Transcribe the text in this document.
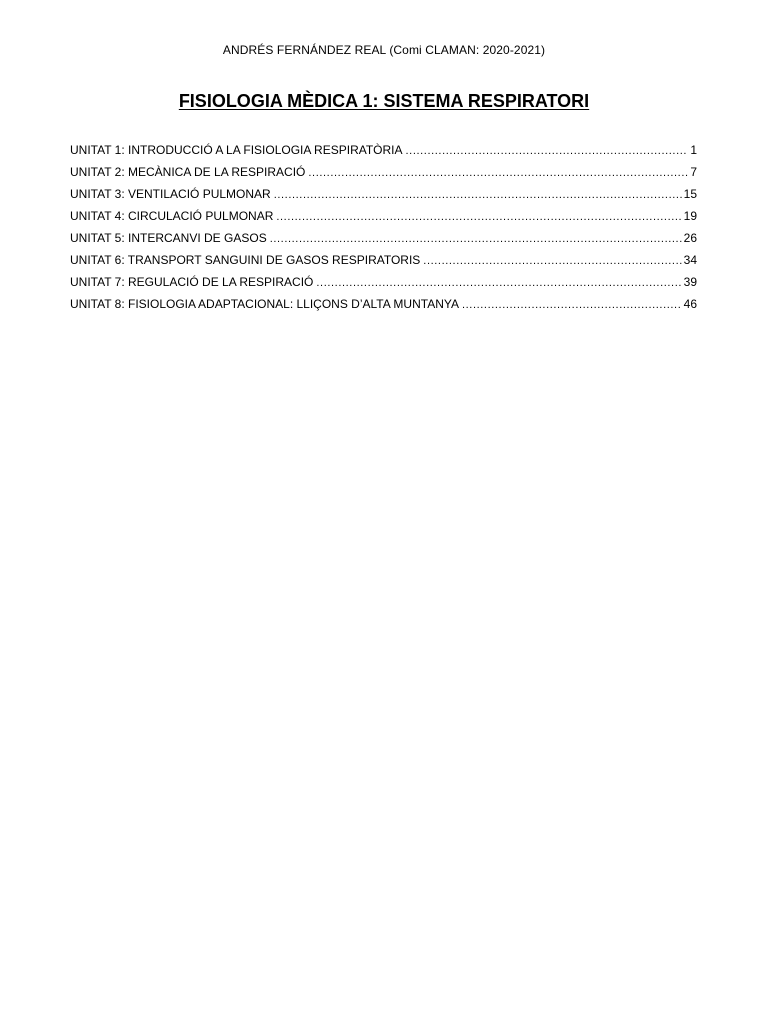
ANDRÉS FERNÁNDEZ REAL (Comi CLAMAN: 2020-2021)
FISIOLOGIA MÈDICA 1: SISTEMA RESPIRATORI
UNITAT 1: INTRODUCCIÓ A LA FISIOLOGIA RESPIRATÒRIA .....	1
UNITAT 2: MECÀNICA DE LA RESPIRACIÓ .....	7
UNITAT 3: VENTILACIÓ PULMONAR .....	15
UNITAT 4: CIRCULACIÓ PULMONAR .....	19
UNITAT 5: INTERCANVI DE GASOS .....	26
UNITAT 6: TRANSPORT SANGUINI DE GASOS RESPIRATORIS .....	34
UNITAT 7: REGULACIÓ DE LA RESPIRACIÓ .....	39
UNITAT 8: FISIOLOGIA ADAPTACIONAL: LLIÇONS D’ALTA MUNTANYA .....	46
